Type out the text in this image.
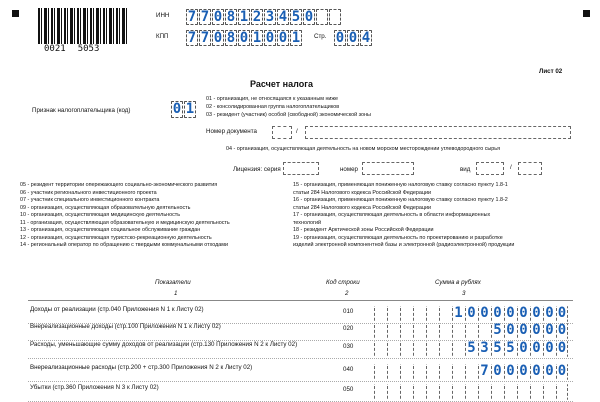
0021 5053
ИНН 7 7 0 8 1 2 3 4 5 0
КПП 7 7 0 8 0 1 0 0 1 Стр. 0 0 4
Лист 02
Расчет налога
Признак налогоплательщика (код)	0 1
01 - организация, не относящаяся к указанным ниже
02 - консолидированная группа налогоплательщиков
03 - резидент (участник) особой (свободной) экономической зоны
Номер документа	/
04 - организация, осуществляющая деятельность на новом морском месторождении углеводородного сырья
Лицензия: серия	номер	вид	/
05 - резидент территории опережающего социально-экономического развития
06 - участник регионального инвестиционного проекта
07 - участник специального инвестиционного контракта
09 - организация, осуществляющая образовательную деятельность
10 - организация, осуществляющая медицинскую деятельность
11 - организация, осуществляющая образовательную и медицинскую деятельность
13 - организация, осуществляющая социальное обслуживание граждан
12 - организация, осуществляющая туристско-рекреационную деятельность
14 - региональный оператор по обращению с твердыми коммунальными отходами
15 - организация, применяющая пониженную налоговую ставку согласно пункту 1.8-1
статьи 284 Налогового кодекса Российской Федерации
16 - организация, применяющая пониженную налоговую ставку согласно пункту 1.8-2
статьи 284 Налогового кодекса Российской Федерации
17 - организация, осуществляющая деятельность в области информационных
технологий
18 - резидент Арктической зоны Российской Федерации
19 - организация, осуществляющая деятельность по проектированию и разработке
изделий электронной компонентной базы и электронной (радиоэлектронной) продукции
Показатели	Код строки	Сумма в рублях
1	2	3
Доходы от реализации (стр.040 Приложения N 1 к Листу 02)	010	1 0 0 0 0 0 0 0 0
Внереализационные доходы (стр.100 Приложения N 1 к Листу 02)	020	5 0 0 0 0 0
Расходы, уменьшающие сумму доходов от реализации (стр.130 Приложения N 2 к Листу 02)	030	5 3 5 5 0 0 0 0
Внереализационные расходы (стр.200 + стр.300 Приложения N 2 к Листу 02)	040	7 0 0 0 0 0 0
Убытки (стр.360 Приложения N 3 к Листу 02)	050
